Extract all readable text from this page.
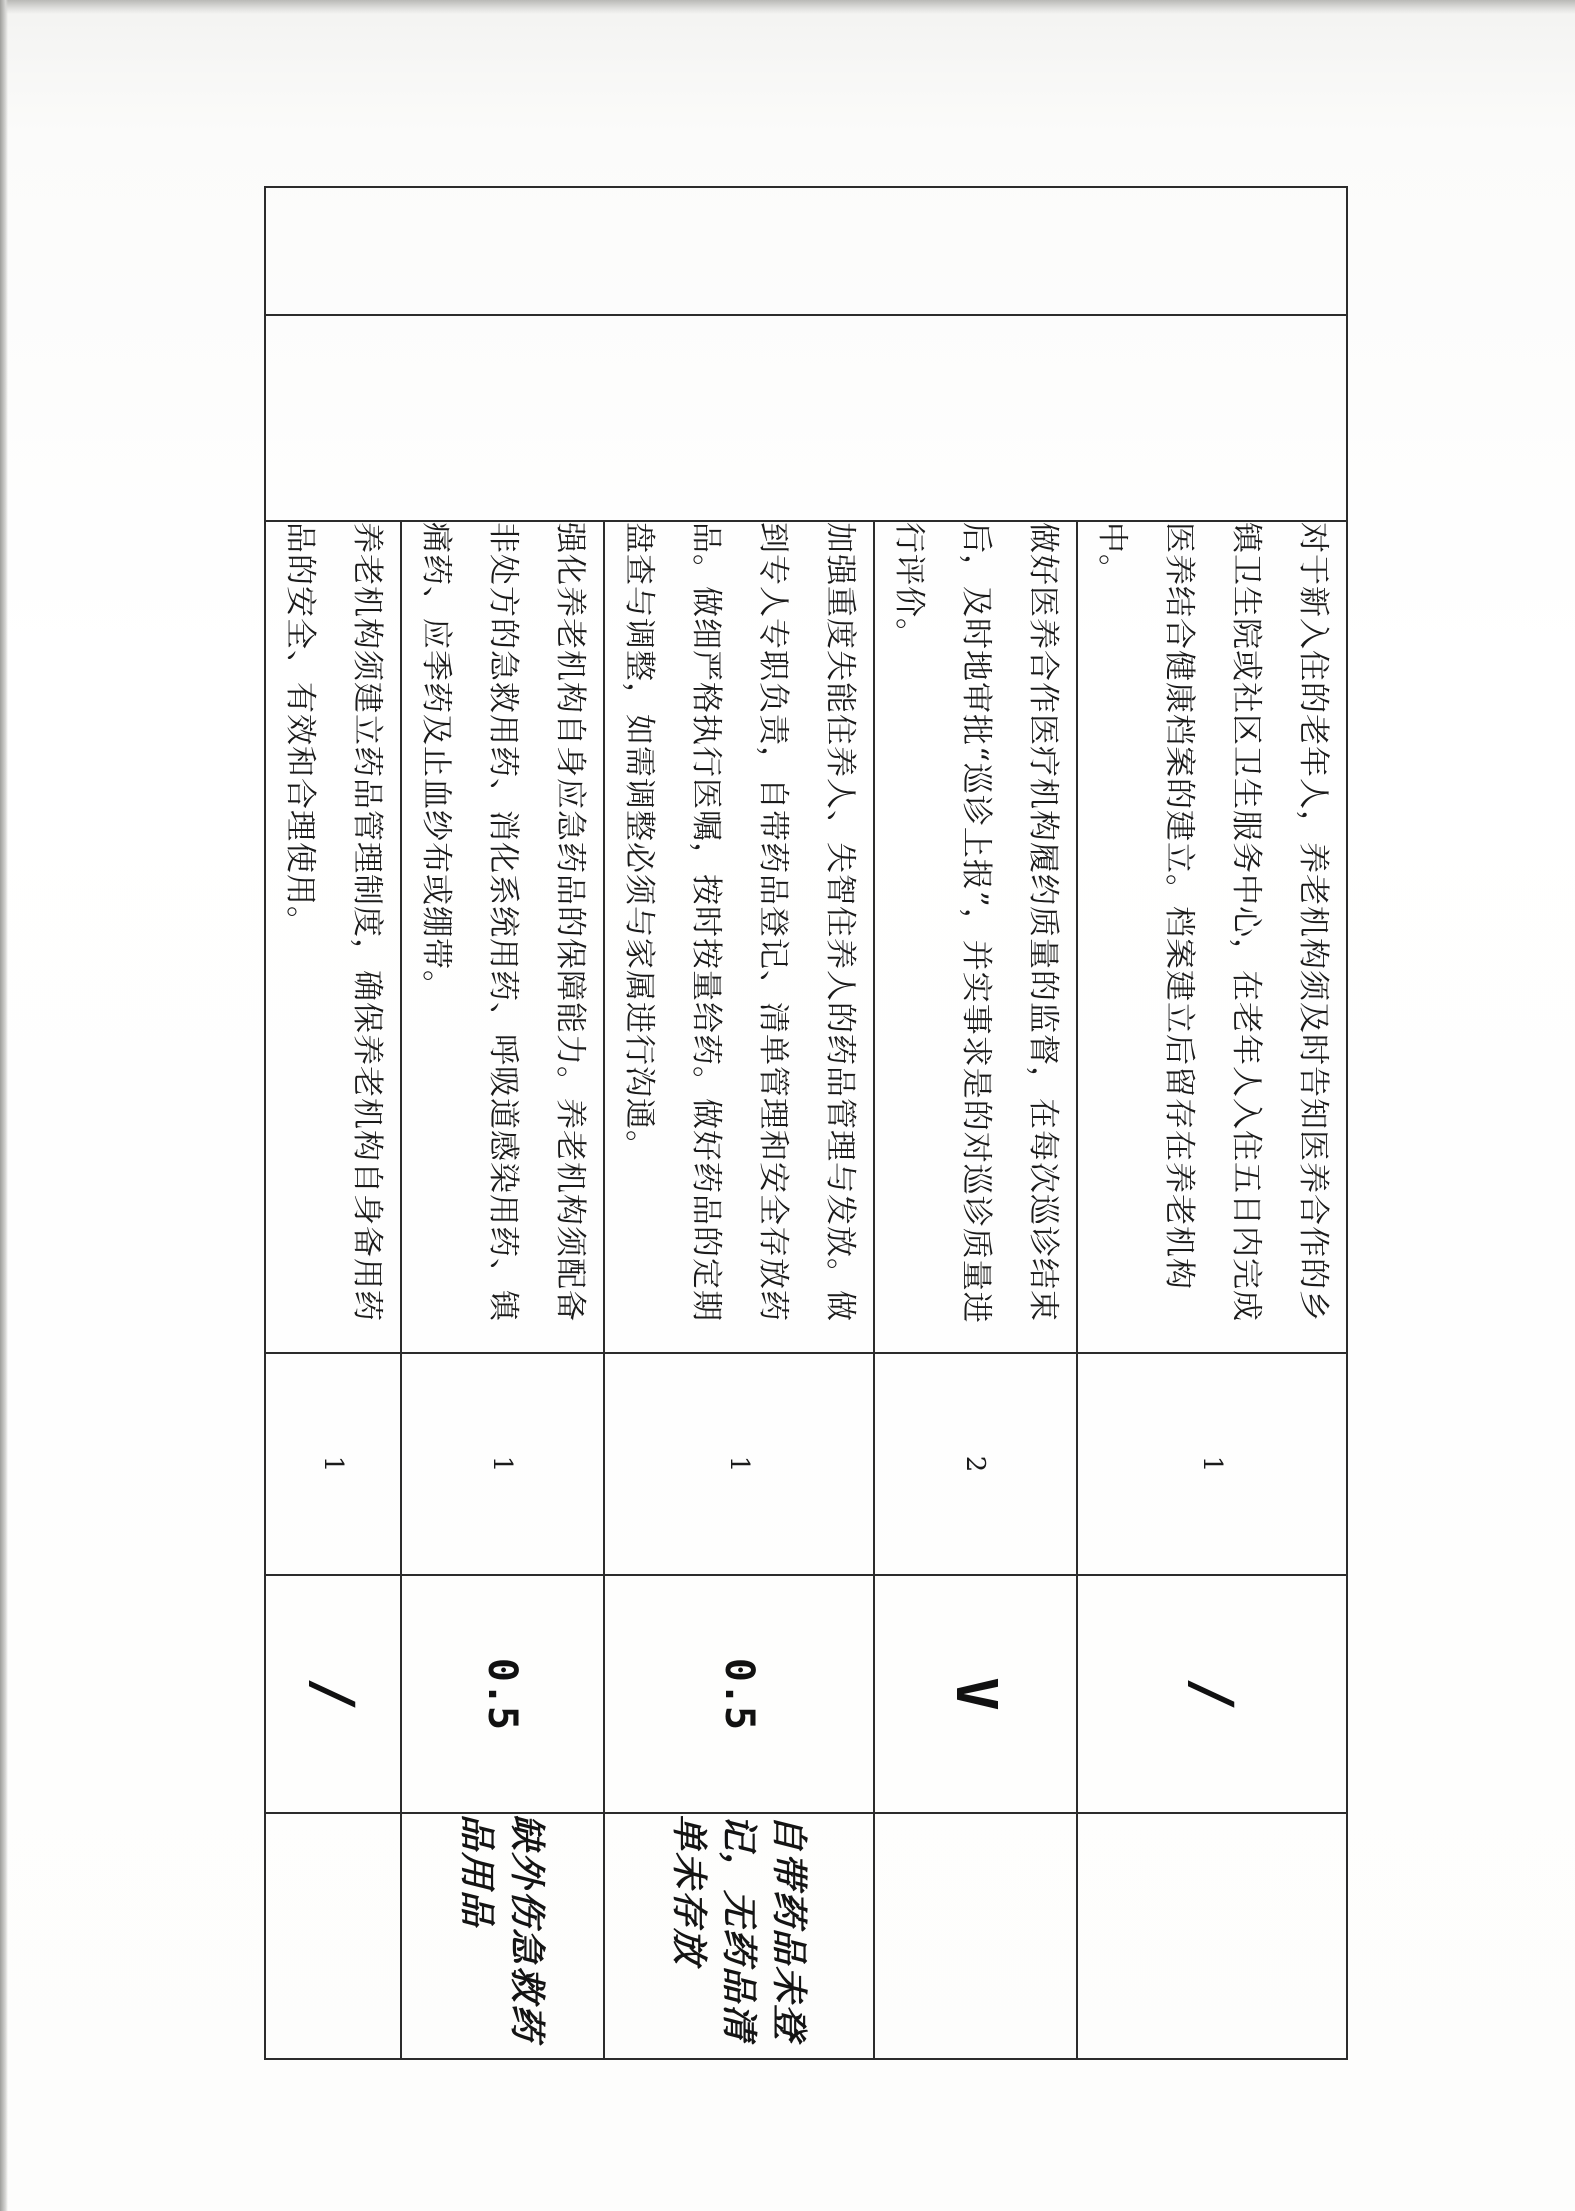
		对于新入住的老年人，养老机构须及时告知医养合作的乡镇卫生院或社区卫生服务中心，在老年人入住五日内完成医养结合健康档案的建立。档案建立后留存在养老机构中。	1	/	

		做好医养合作医疗机构履约质量的监督，在每次巡诊结束后，及时地审批“巡诊上报”，并实事求是的对巡诊质量进行评价。	2	V	

		加强重度失能住养人、失智住养人的药品管理与发放。做到专人专职负责，自带药品登记、清单管理和安全存放药品。做细严格执行医嘱，按时按量给药。做好药品的定期盘查与调整，如需调整必须与家属进行沟通。	1	0.5	自带药品未登记，无药品清单未存放

		强化养老机构自身应急药品的保障能力。养老机构须配备非处方的急救用药、消化系统用药、呼吸道感染用药、镇痛药、应季药及止血纱布或绷带。	1	0.5	缺外伤急救药品用品

		养老机构须建立药品管理制度，确保养老机构自身备用药品的安全、有效和合理使用。	1	/	
